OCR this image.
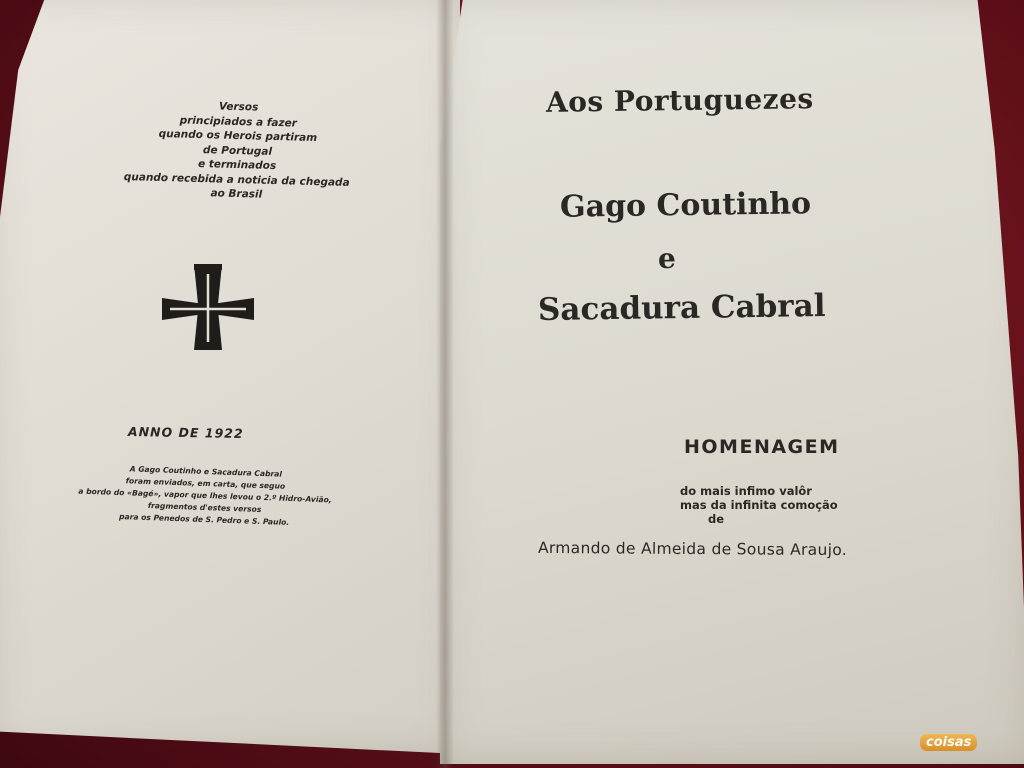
Versos
principiados a fazer
quando os Herois partiram
de Portugal
e terminados
quando recebida a noticia da chegada
ao Brasil
ANNO DE 1922
A Gago Coutinho e Sacadura Cabral
foram enviados, em carta, que seguo
a bordo do «Bagé», vapor que lhes levou o 2.º Hidro-Avião,
fragmentos d'estes versos
para os Penedos de S. Pedro e S. Paulo.
Aos Portuguezes
Gago Coutinho
e
Sacadura Cabral
HOMENAGEM
do mais infimo valôr
mas da infinita comoção
de
Armando de Almeida de Sousa Araujo.
coisas
